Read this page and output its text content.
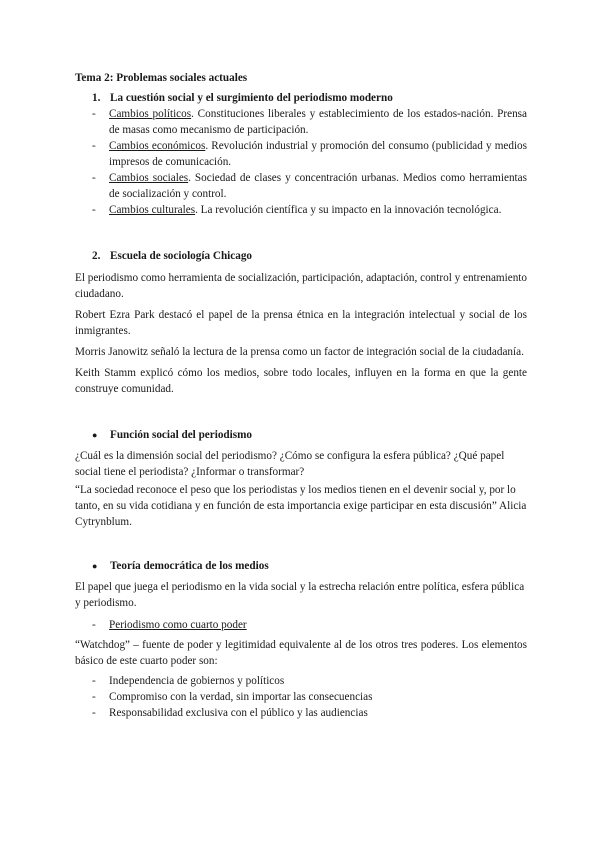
Tema 2: Problemas sociales actuales

1. La cuestión social y el surgimiento del periodismo moderno
-	Cambios políticos. Constituciones liberales y establecimiento de los estados-nación. Prensa de masas como mecanismo de participación.
-	Cambios económicos. Revolución industrial y promoción del consumo (publicidad y medios impresos de comunicación.
-	Cambios sociales. Sociedad de clases y concentración urbanas. Medios como herramientas de socialización y control.
-	Cambios culturales. La revolución científica y su impacto en la innovación tecnológica.
2. Escuela de sociología Chicago

El periodismo como herramienta de socialización, participación, adaptación, control y entrenamiento ciudadano.

Robert Ezra Park destacó el papel de la prensa étnica en la integración intelectual y social de los inmigrantes.

Morris Janowitz señaló la lectura de la prensa como un factor de integración social de la ciudadanía.

Keith Stamm explicó cómo los medios, sobre todo locales, influyen en la forma en que la gente construye comunidad.

●	Función social del periodismo

¿Cuál es la dimensión social del periodismo? ¿Cómo se configura la esfera pública? ¿Qué papel social tiene el periodista? ¿Informar o transformar?

“La sociedad reconoce el peso que los periodistas y los medios tienen en el devenir social y, por lo tanto, en su vida cotidiana y en función de esta importancia exige participar en esta discusión” Alicia Cytrynblum.

●	Teoría democrática de los medios

El papel que juega el periodismo en la vida social y la estrecha relación entre política, esfera pública y periodismo.

-	Periodismo como cuarto poder

“Watchdog” – fuente de poder y legitimidad equivalente al de los otros tres poderes. Los elementos básico de este cuarto poder son:

-	Independencia de gobiernos y políticos
-	Compromiso con la verdad, sin importar las consecuencias
-	Responsabilidad exclusiva con el público y las audiencias
